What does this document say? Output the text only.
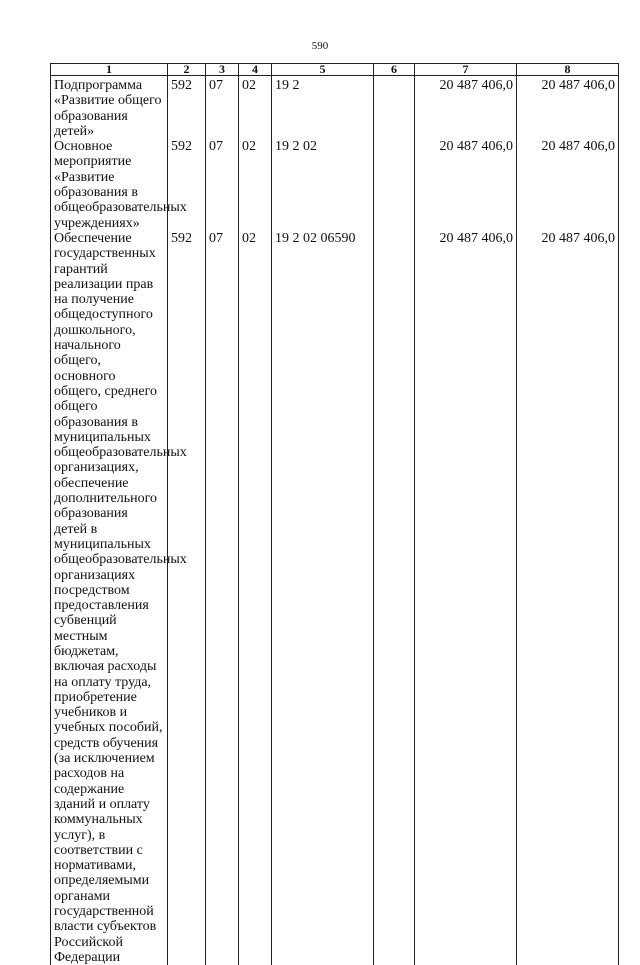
590
1	2	3	4	5	6	7	8
Подпрограмма «Развитие общего образования детей»	592	07	02	19 2		20 487 406,0	20 487 406,0
Основное мероприятие «Развитие образования в общеобразовательных учреждениях»	592	07	02	19 2 02		20 487 406,0	20 487 406,0
Обеспечение государственных гарантий реализации прав на получение общедоступного дошкольного, начального общего, основного общего, среднего общего образования в муниципальных общеобразовательных организациях, обеспечение дополнительного образования детей в муниципальных общеобразовательных организациях посредством предоставления субвенций местным бюджетам, включая расходы на оплату труда, приобретение учебников и учебных пособий, средств обучения (за исключением расходов на содержание зданий и оплату коммунальных услуг), в соответствии с нормативами, определяемыми органами государственной власти субъектов Российской Федерации	592	07	02	19 2 02 06590		20 487 406,0	20 487 406,0
